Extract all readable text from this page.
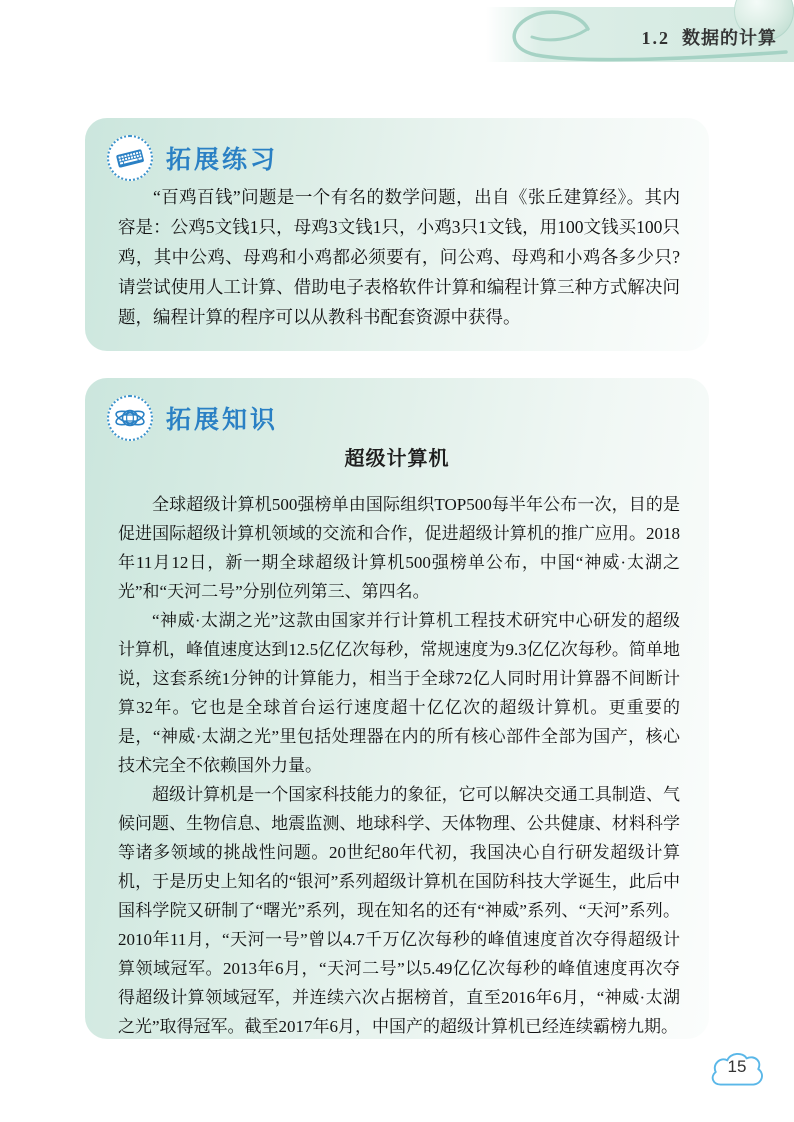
1.2 数据的计算
拓展练习

“百鸡百钱”问题是一个有名的数学问题，出自《张丘建算经》。其内容是：公鸡5文钱1只，母鸡3文钱1只，小鸡3只1文钱，用100文钱买100只鸡，其中公鸡、母鸡和小鸡都必须要有，问公鸡、母鸡和小鸡各多少只? 请尝试使用人工计算、借助电子表格软件计算和编程计算三种方式解决问题，编程计算的程序可以从教科书配套资源中获得。

拓展知识
超级计算机

全球超级计算机500强榜单由国际组织TOP500每半年公布一次，目的是促进国际超级计算机领域的交流和合作，促进超级计算机的推广应用。2018年11月12日，新一期全球超级计算机500强榜单公布，中国“神威·太湖之光”和“天河二号”分别位列第三、第四名。

“神威·太湖之光”这款由国家并行计算机工程技术研究中心研发的超级计算机，峰值速度达到12.5亿亿次每秒，常规速度为9.3亿亿次每秒。简单地说，这套系统1分钟的计算能力，相当于全球72亿人同时用计算器不间断计算32年。它也是全球首台运行速度超十亿亿次的超级计算机。更重要的是，“神威·太湖之光”里包括处理器在内的所有核心部件全部为国产，核心技术完全不依赖国外力量。

超级计算机是一个国家科技能力的象征，它可以解决交通工具制造、气候问题、生物信息、地震监测、地球科学、天体物理、公共健康、材料科学等诸多领域的挑战性问题。20世纪80年代初，我国决心自行研发超级计算机，于是历史上知名的“银河”系列超级计算机在国防科技大学诞生，此后中国科学院又研制了“曙光”系列，现在知名的还有“神威”系列、“天河”系列。2010年11月，“天河一号”曾以4.7千万亿次每秒的峰值速度首次夺得超级计算领域冠军。2013年6月，“天河二号”以5.49亿亿次每秒的峰值速度再次夺得超级计算领域冠军，并连续六次占据榜首，直至2016年6月，“神威·太湖之光”取得冠军。截至2017年6月，中国产的超级计算机已经连续霸榜九期。

15
